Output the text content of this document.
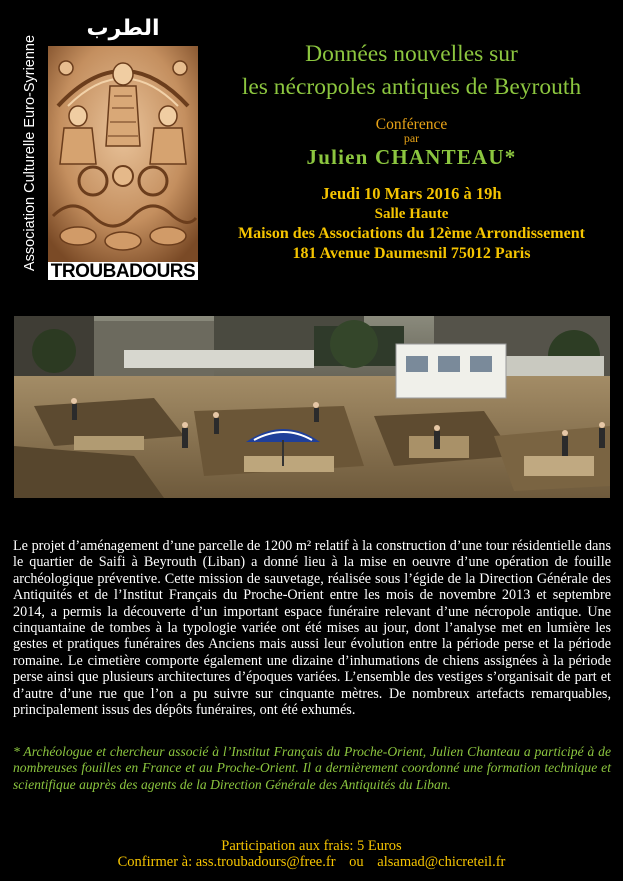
الطرب
Association Culturelle Euro-Syrienne
TROUBADOURS
Données nouvelles sur
les nécropoles antiques de Beyrouth
Conférence
par
Julien CHANTEAU*
Jeudi 10 Mars 2016 à 19h
Salle Haute
Maison des Associations du 12ème Arrondissement
181 Avenue Daumesnil 75012 Paris
Le projet d’aménagement d’une parcelle de 1200 m² relatif à la construction d’une tour résidentielle dans le quartier de Saifi à Beyrouth (Liban) a donné lieu à la mise en oeuvre d’une opération de fouille archéologique préventive. Cette mission de sauvetage, réalisée sous l’égide de la Direction Générale des Antiquités et de l’Institut Français du Proche-Orient entre les mois de novembre 2013 et septembre 2014, a permis la découverte d’un important espace funéraire relevant d’une nécropole antique. Une cinquantaine de tombes à la typologie variée ont été mises au jour, dont l’analyse met en lumière les gestes et pratiques funéraires des Anciens mais aussi leur évolution entre la période perse et la période romaine. Le cimetière comporte également une dizaine d’inhumations de chiens assignées à la période perse ainsi que plusieurs architectures d’époques variées. L’ensemble des vestiges s’organisait de part et d’autre d’une rue que l’on a pu suivre sur cinquante mètres. De nombreux artefacts remarquables, principalement issus des dépôts funéraires, ont été exhumés.
* Archéologue et chercheur associé à l’Institut Français du Proche-Orient, Julien Chanteau a participé à de nombreuses fouilles en France et au Proche-Orient. Il a dernièrement coordonné une formation technique et scientifique auprès des agents de la Direction Générale des Antiquités du Liban.
Participation aux frais: 5 Euros
Confirmer à: ass.troubadours@free.fr ou alsamad@chicreteil.fr
